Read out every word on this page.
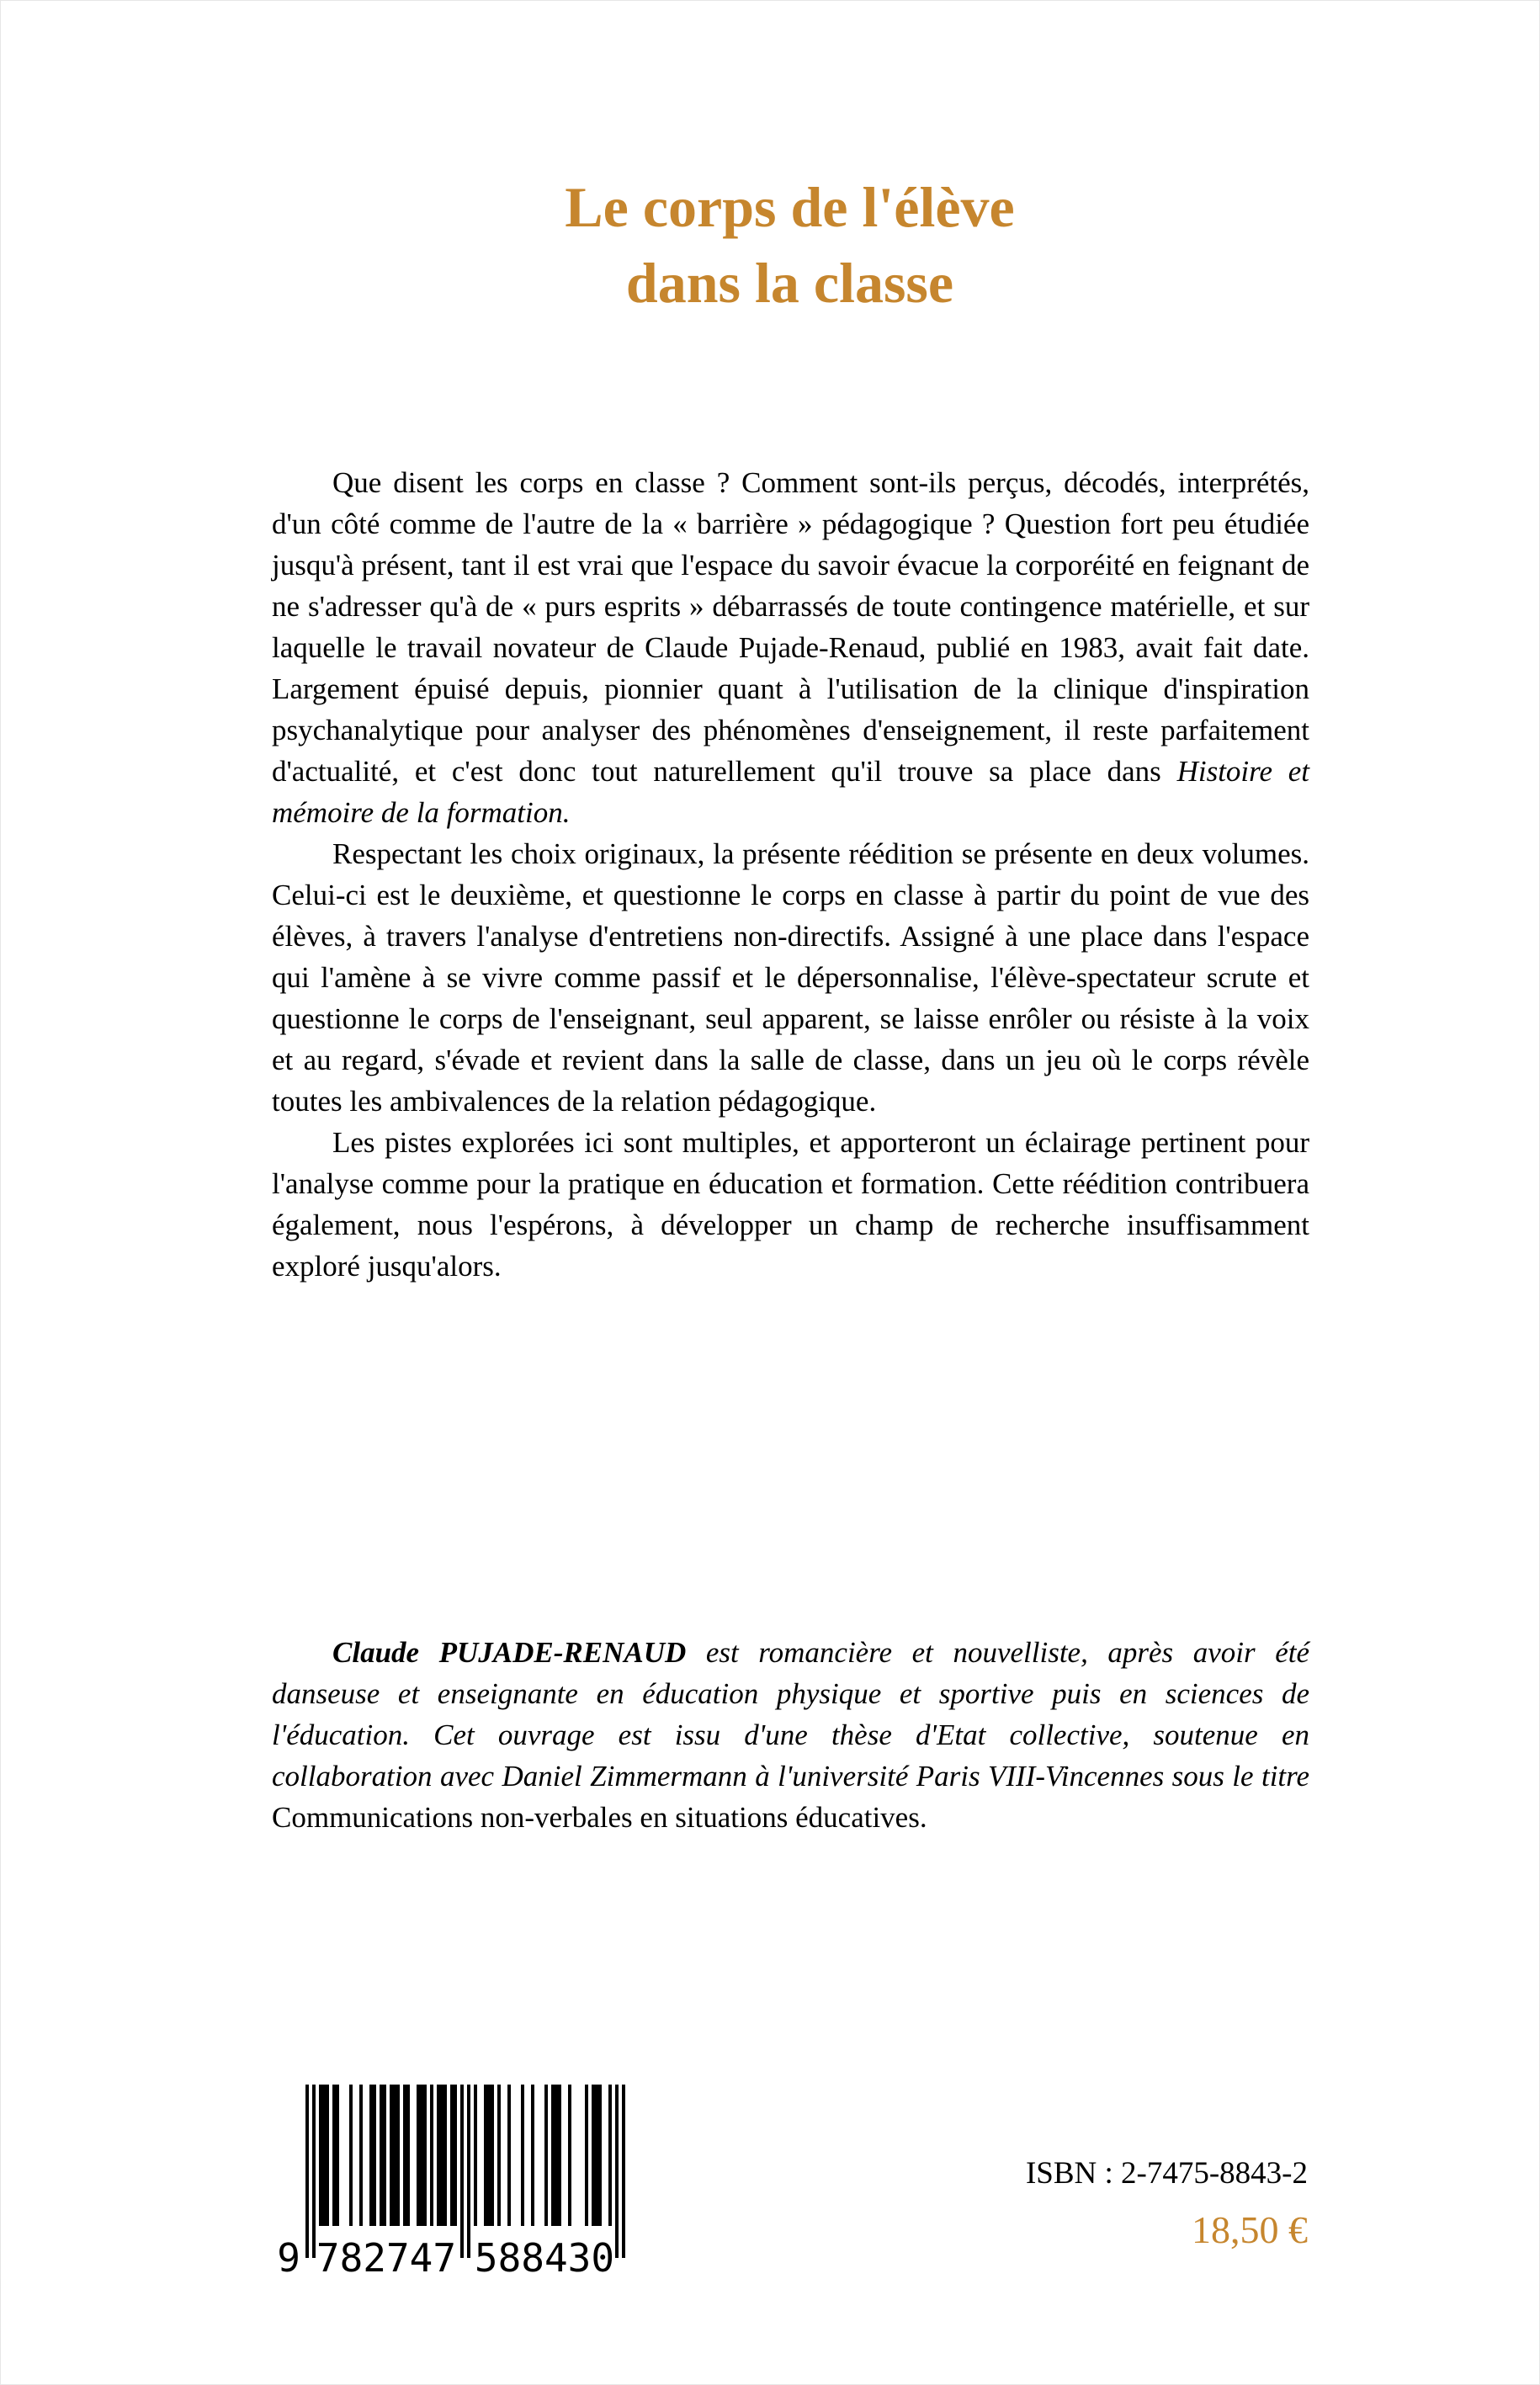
Le corps de l'élève
dans la classe

Que disent les corps en classe ? Comment sont-ils perçus, décodés, interprétés, d'un côté comme de l'autre de la « barrière » pédagogique ? Question fort peu étudiée jusqu'à présent, tant il est vrai que l'espace du savoir évacue la corporéité en feignant de ne s'adresser qu'à de « purs esprits » débarrassés de toute contingence matérielle, et sur laquelle le travail novateur de Claude Pujade-Renaud, publié en 1983, avait fait date. Largement épuisé depuis, pionnier quant à l'utilisation de la clinique d'inspiration psychanalytique pour analyser des phénomènes d'enseignement, il reste parfaitement d'actualité, et c'est donc tout naturellement qu'il trouve sa place dans Histoire et mémoire de la formation.

Respectant les choix originaux, la présente réédition se présente en deux volumes. Celui-ci est le deuxième, et questionne le corps en classe à partir du point de vue des élèves, à travers l'analyse d'entretiens non-directifs. Assigné à une place dans l'espace qui l'amène à se vivre comme passif et le dépersonnalise, l'élève-spectateur scrute et questionne le corps de l'enseignant, seul apparent, se laisse enrôler ou résiste à la voix et au regard, s'évade et revient dans la salle de classe, dans un jeu où le corps révèle toutes les ambivalences de la relation pédagogique.

Les pistes explorées ici sont multiples, et apporteront un éclairage pertinent pour l'analyse comme pour la pratique en éducation et formation. Cette réédition contribuera également, nous l'espérons, à développer un champ de recherche insuffisamment exploré jusqu'alors.

Claude PUJADE-RENAUD est romancière et nouvelliste, après avoir été danseuse et enseignante en éducation physique et sportive puis en sciences de l'éducation. Cet ouvrage est issu d'une thèse d'Etat collective, soutenue en collaboration avec Daniel Zimmermann à l'université Paris VIII-Vincennes sous le titre Communications non-verbales en situations éducatives.

9 782747 588430
ISBN : 2-7475-8843-2
18,50 €
